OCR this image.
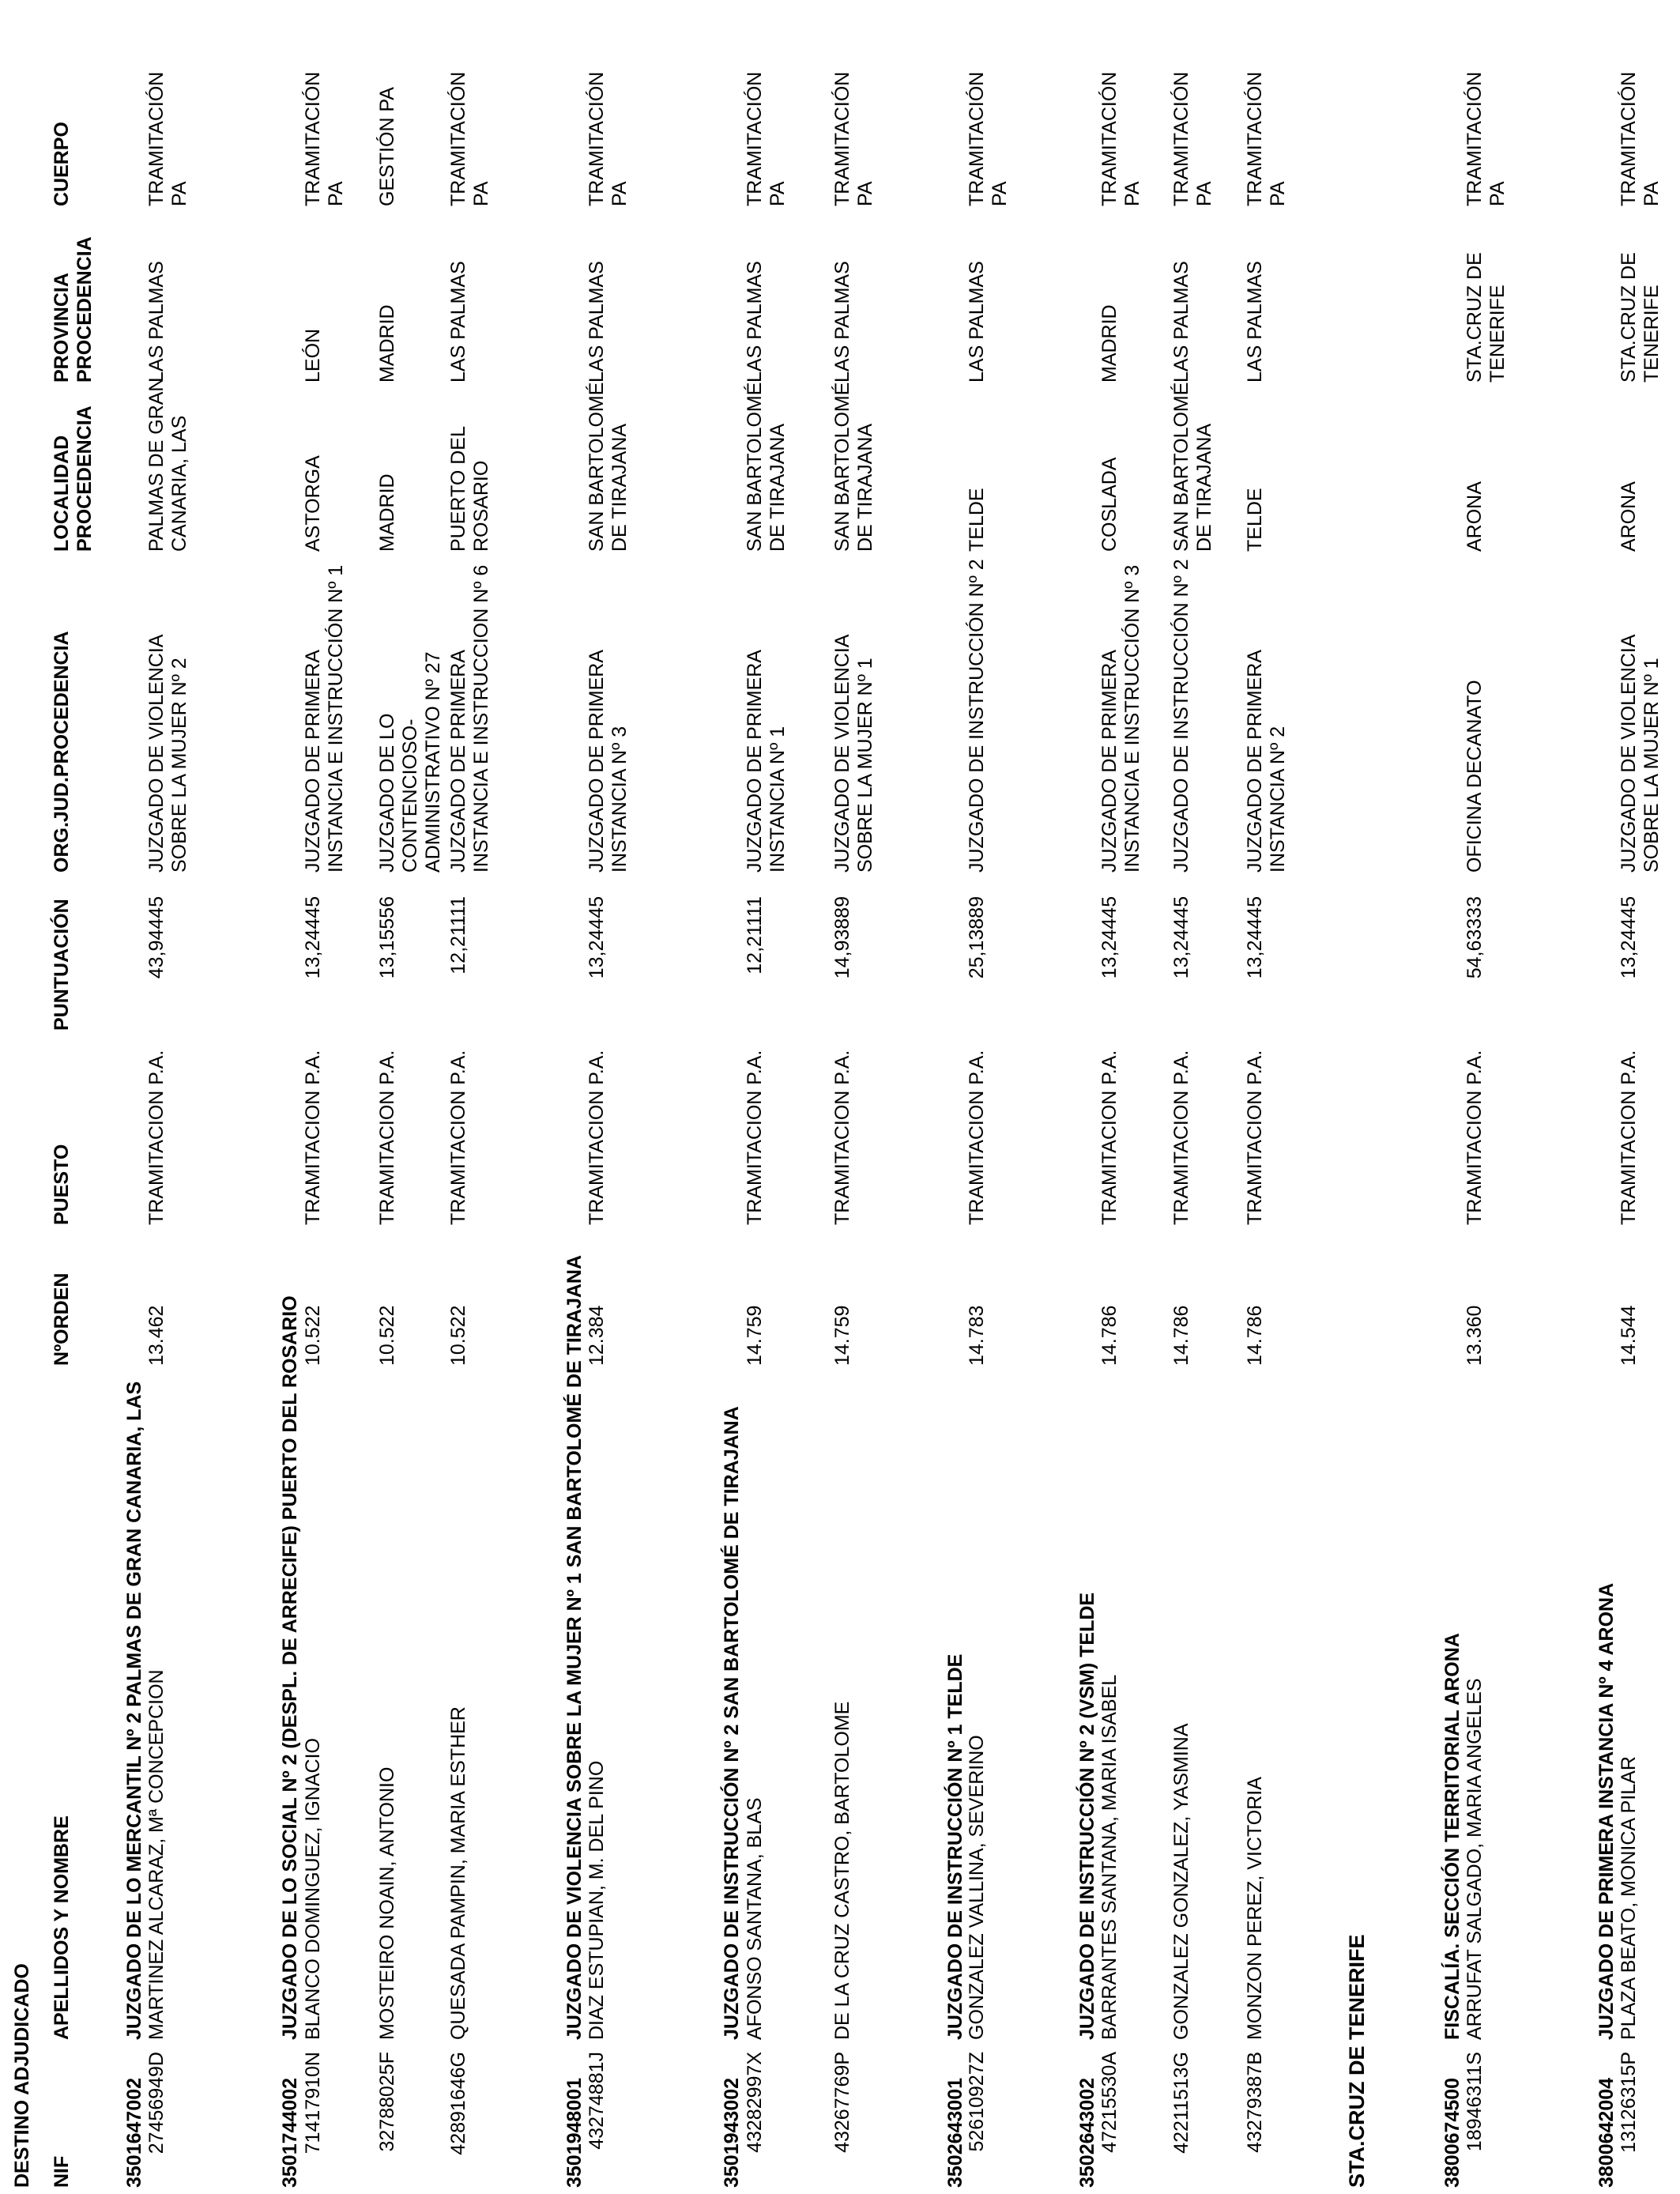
DESTINO ADJUDICADO NIF
APELLIDOS Y NOMBRE
NºORDEN
PUESTO
PUNTUACIÓN
ORG.JUD.PROCEDENCIA
LOCALIDAD
PROCEDENCIA
PROVINCIA
PROCEDENCIA
CUERPO
3501647002
JUZGADO DE LO MERCANTIL Nº 2 PALMAS DE GRAN CANARIA, LAS
27456949D
MARTINEZ ALCARAZ, Mª CONCEPCION
13.462
TRAMITACION P.A.
43,94445
JUZGADO DE VIOLENCIA
SOBRE LA MUJER Nº 2
PALMAS DE GRAN
CANARIA, LAS
LAS PALMAS
TRAMITACIÓN
PA
3501744002
JUZGADO DE LO SOCIAL Nº 2 (DESPL. DE ARRECIFE) PUERTO DEL ROSARIO
71417910N
BLANCO DOMINGUEZ, IGNACIO
10.522
TRAMITACION P.A.
13,24445
JUZGADO DE PRIMERA
INSTANCIA E INSTRUCCIÓN Nº 1
ASTORGA
LEÓN
TRAMITACIÓN
PA
32788025F
MOSTEIRO NOAIN, ANTONIO
10.522
TRAMITACION P.A.
13,15556
JUZGADO DE LO
CONTENCIOSO-
ADMINISTRATIVO Nº 27
MADRID
MADRID
GESTIÓN PA
42891646G
QUESADA PAMPIN, MARIA ESTHER
10.522
TRAMITACION P.A.
12,21111
JUZGADO DE PRIMERA
INSTANCIA E INSTRUCCION Nº 6
PUERTO DEL
ROSARIO
LAS PALMAS
TRAMITACIÓN
PA
3501948001
JUZGADO DE VIOLENCIA SOBRE LA MUJER Nº 1 SAN BARTOLOMÉ DE TIRAJANA
43274881J
DIAZ ESTUPIAN, M. DEL PINO
12.384
TRAMITACION P.A.
13,24445
JUZGADO DE PRIMERA
INSTANCIA Nº 3
SAN BARTOLOMÉ
DE TIRAJANA
LAS PALMAS
TRAMITACIÓN
PA
3501943002
JUZGADO DE INSTRUCCIÓN Nº 2 SAN BARTOLOMÉ DE TIRAJANA
43282997X
AFONSO SANTANA, BLAS
14.759
TRAMITACION P.A.
12,21111
JUZGADO DE PRIMERA
INSTANCIA Nº 1
SAN BARTOLOMÉ
DE TIRAJANA
LAS PALMAS
TRAMITACIÓN
PA
43267769P
DE LA CRUZ CASTRO, BARTOLOME
14.759
TRAMITACION P.A.
14,93889
JUZGADO DE VIOLENCIA
SOBRE LA MUJER Nº 1
SAN BARTOLOMÉ
DE TIRAJANA
LAS PALMAS
TRAMITACIÓN
PA
3502643001
JUZGADO DE INSTRUCCIÓN Nº 1 TELDE
52610927Z
GONZALEZ VALLINA, SEVERINO
14.783
TRAMITACION P.A.
25,13889
JUZGADO DE INSTRUCCIÓN Nº 2
TELDE
LAS PALMAS
TRAMITACIÓN
PA
3502643002
JUZGADO DE INSTRUCCIÓN Nº 2 (VSM) TELDE
47215530A
BARRANTES SANTANA, MARIA ISABEL
14.786
TRAMITACION P.A.
13,24445
JUZGADO DE PRIMERA
INSTANCIA E INSTRUCCIÓN Nº 3
COSLADA
MADRID
TRAMITACIÓN
PA
42211513G
GONZALEZ GONZALEZ, YASMINA
14.786
TRAMITACION P.A.
13,24445
JUZGADO DE INSTRUCCIÓN Nº 2
SAN BARTOLOMÉ
DE TIRAJANA
LAS PALMAS
TRAMITACIÓN
PA
43279387B
MONZON PEREZ, VICTORIA
14.786
TRAMITACION P.A.
13,24445
JUZGADO DE PRIMERA
INSTANCIA Nº 2
TELDE
LAS PALMAS
TRAMITACIÓN
PA
STA.CRUZ DE TENERIFE	3800674500
FISCALÍA. SECCIÓN TERRITORIAL ARONA
18946311S
ARRUFAT SALGADO, MARIA ANGELES
13.360
TRAMITACION P.A.
54,63333
OFICINA DECANATO
ARONA
STA.CRUZ DE
TENERIFE
TRAMITACIÓN
PA
3800642004
JUZGADO DE PRIMERA INSTANCIA Nº 4 ARONA
13126315P
PLAZA BEATO, MONICA PILAR
14.544
TRAMITACION P.A.
13,24445
JUZGADO DE VIOLENCIA
SOBRE LA MUJER Nº 1
ARONA
STA.CRUZ DE
TENERIFE
TRAMITACIÓN
PA
